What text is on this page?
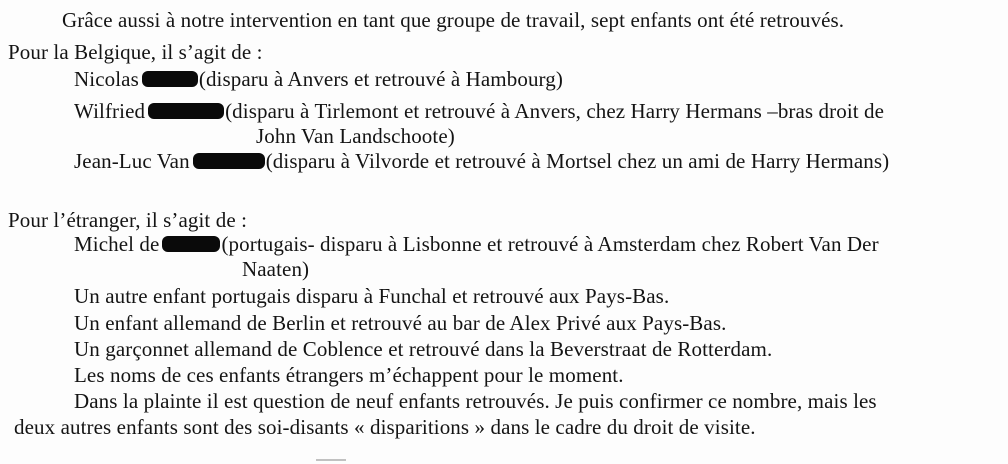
Grâce aussi à notre intervention en tant que groupe de travail, sept enfants ont été retrouvés.
Pour la Belgique, il s’agit de :
Nicolas	(disparu à Anvers et retrouvé à Hambourg)
Wilfried	(disparu à Tirlemont et retrouvé à Anvers, chez Harry Hermans –bras droit de
John Van Landschoote)
Jean-Luc Van	(disparu à Vilvorde et retrouvé à Mortsel chez un ami de Harry Hermans)
Pour l’étranger, il s’agit de :
Michel de	(portugais- disparu à Lisbonne et retrouvé à Amsterdam chez Robert Van Der
Naaten)
Un autre enfant portugais disparu à Funchal et retrouvé aux Pays-Bas.
Un enfant allemand de Berlin et retrouvé au bar de Alex Privé aux Pays-Bas.
Un garçonnet allemand de Coblence et retrouvé dans la Beverstraat de Rotterdam.
Les noms de ces enfants étrangers m’échappent pour le moment.
Dans la plainte il est question de neuf enfants retrouvés. Je puis confirmer ce nombre, mais les
deux autres enfants sont des soi-disants « disparitions » dans le cadre du droit de visite.
